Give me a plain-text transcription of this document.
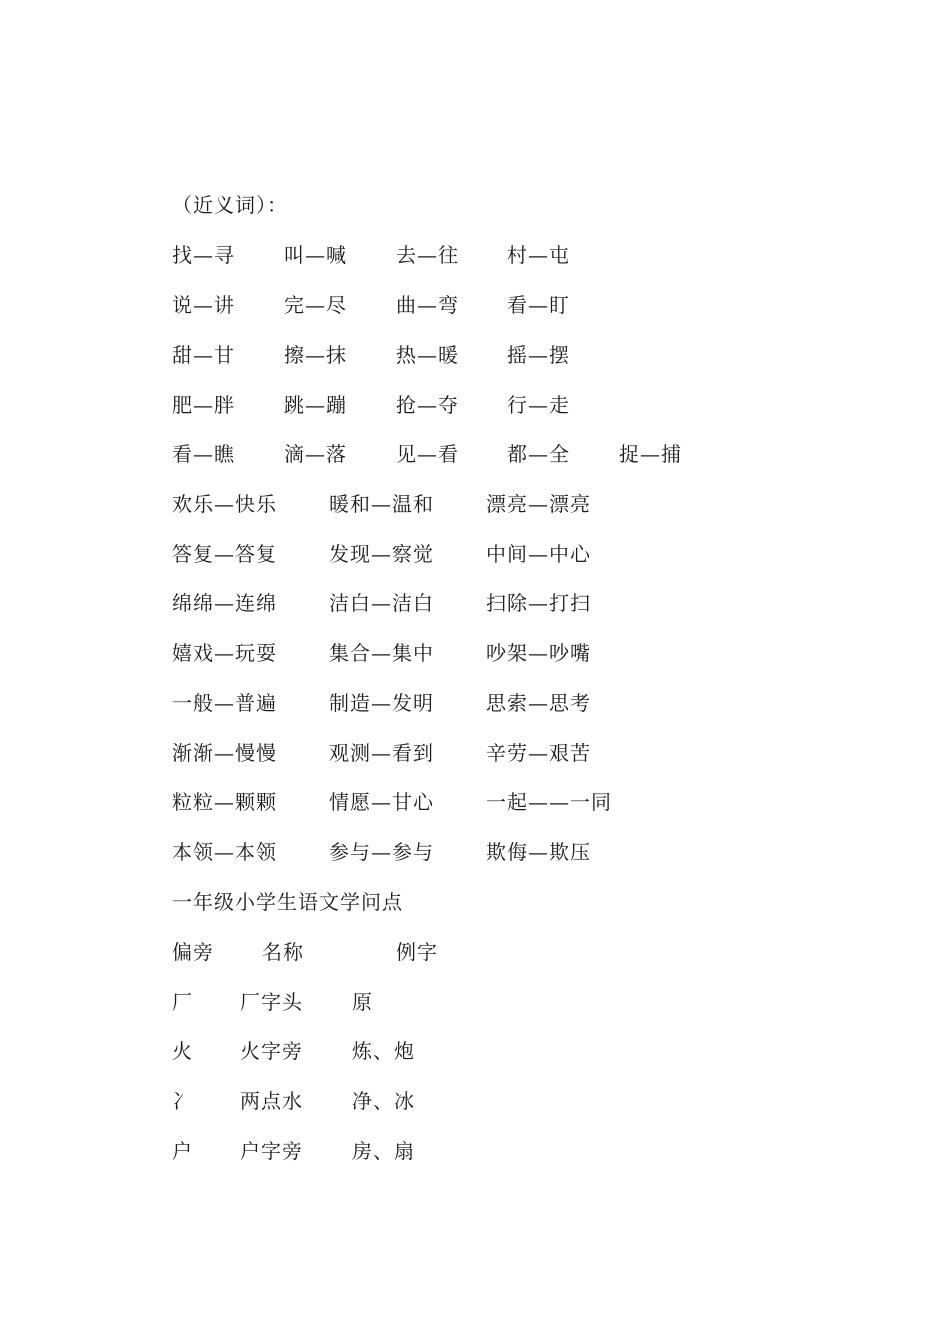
（近义词）：
找—寻 叫—喊 去—往 村—屯
说—讲 完—尽 曲—弯 看—盯
甜—甘 擦—抹 热—暖 摇—摆
肥—胖 跳—蹦 抢—夺 行—走
看—瞧 滴—落 见—看 都—全 捉—捕
欢乐—快乐	暖和—温和	漂亮—漂亮
答复—答复	发现—察觉	中间—中心
绵绵—连绵	洁白—洁白	扫除—打扫
嬉戏—玩耍	集合—集中	吵架—吵嘴
一般—普遍	制造—发明	思索—思考
渐渐—慢慢	观测—看到	辛劳—艰苦
粒粒—颗颗	情愿—甘心	一起——一同
本领—本领	参与—参与	欺侮—欺压
一年级小学生语文学问点
偏旁 名称	例字
厂 厂字头 原
火 火字旁 炼、炮
冫 两点水 净、冰
户 户字旁 房、扇
